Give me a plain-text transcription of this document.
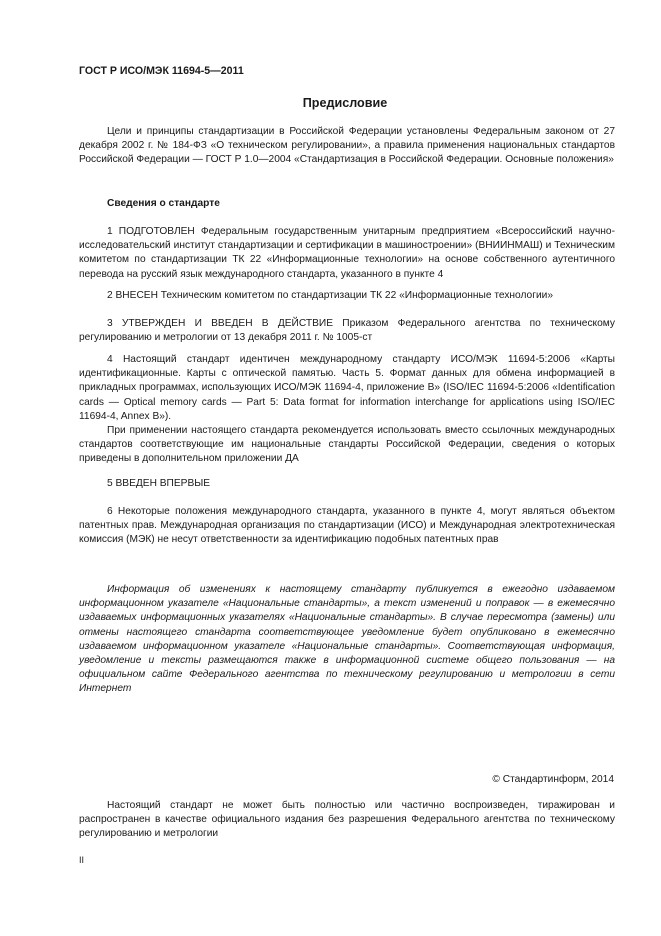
ГОСТ Р ИСО/МЭК 11694-5—2011
Предисловие

Цели и принципы стандартизации в Российской Федерации установлены Федеральным законом от 27 декабря 2002 г. № 184-ФЗ «О техническом регулировании», а правила применения национальных стандартов Российской Федерации — ГОСТ Р 1.0—2004 «Стандартизация в Российской Федерации. Основные положения»

Сведения о стандарте

1 ПОДГОТОВЛЕН Федеральным государственным унитарным предприятием «Всероссийский научно-исследовательский институт стандартизации и сертификации в машиностроении» (ВНИИНМАШ) и Техническим комитетом по стандартизации ТК 22 «Информационные технологии» на основе собственного аутентичного перевода на русский язык международного стандарта, указанного в пункте 4

2 ВНЕСЕН Техническим комитетом по стандартизации ТК 22 «Информационные технологии»

3 УТВЕРЖДЕН И ВВЕДЕН В ДЕЙСТВИЕ Приказом Федерального агентства по техническому регулированию и метрологии от 13 декабря 2011 г. № 1005-ст

4 Настоящий стандарт идентичен международному стандарту ИСО/МЭК 11694-5:2006 «Карты идентификационные. Карты с оптической памятью. Часть 5. Формат данных для обмена информацией в прикладных программах, использующих ИСО/МЭК 11694-4, приложение В» (ISO/IEC 11694-5:2006 «Identification cards — Optical memory cards — Part 5: Data format for information interchange for applications using ISO/IEC 11694-4, Annex B»).

При применении настоящего стандарта рекомендуется использовать вместо ссылочных международных стандартов соответствующие им национальные стандарты Российской Федерации, сведения о которых приведены в дополнительном приложении ДА

5 ВВЕДЕН ВПЕРВЫЕ

6 Некоторые положения международного стандарта, указанного в пункте 4, могут являться объектом патентных прав. Международная организация по стандартизации (ИСО) и Международная электротехническая комиссия (МЭК) не несут ответственности за идентификацию подобных патентных прав

Информация об изменениях к настоящему стандарту публикуется в ежегодно издаваемом информационном указателе «Национальные стандарты», а текст изменений и поправок — в ежемесячно издаваемых информационных указателях «Национальные стандарты». В случае пересмотра (замены) или отмены настоящего стандарта соответствующее уведомление будет опубликовано в ежемесячно издаваемом информационном указателе «Национальные стандарты». Соответствующая информация, уведомление и тексты размещаются также в информационной системе общего пользования — на официальном сайте Федерального агентства по техническому регулированию и метрологии в сети Интернет

© Стандартинформ, 2014

Настоящий стандарт не может быть полностью или частично воспроизведен, тиражирован и распространен в качестве официального издания без разрешения Федерального агентства по техническому регулированию и метрологии

II
